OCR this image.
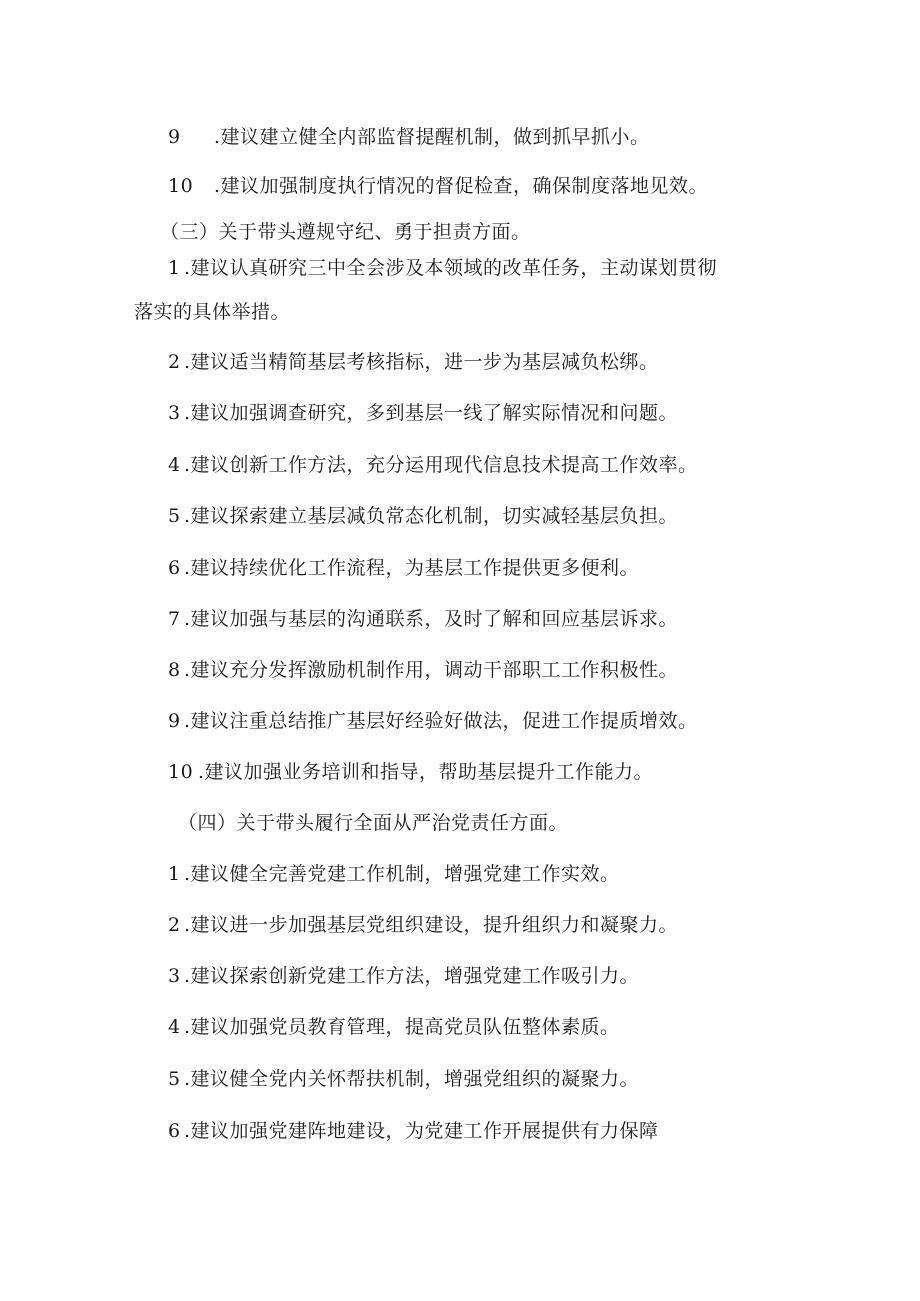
9 .建议建立健全内部监督提醒机制，做到抓早抓小。
10 .建议加强制度执行情况的督促检查，确保制度落地见效。
（三）关于带头遵规守纪、勇于担责方面。
1 .建议认真研究三中全会涉及本领域的改革任务，主动谋划贯彻
落实的具体举措。
2 .建议适当精简基层考核指标，进一步为基层减负松绑。
3 .建议加强调查研究，多到基层一线了解实际情况和问题。
4 .建议创新工作方法，充分运用现代信息技术提高工作效率。
5 .建议探索建立基层减负常态化机制，切实减轻基层负担。
6 .建议持续优化工作流程，为基层工作提供更多便利。
7 .建议加强与基层的沟通联系，及时了解和回应基层诉求。
8 .建议充分发挥激励机制作用，调动干部职工工作积极性。
9 .建议注重总结推广基层好经验好做法，促进工作提质增效。
10 .建议加强业务培训和指导，帮助基层提升工作能力。
（四）关于带头履行全面从严治党责任方面。
1 .建议健全完善党建工作机制，增强党建工作实效。
2 .建议进一步加强基层党组织建设，提升组织力和凝聚力。
3 .建议探索创新党建工作方法，增强党建工作吸引力。
4 .建议加强党员教育管理，提高党员队伍整体素质。
5 .建议健全党内关怀帮扶机制，增强党组织的凝聚力。
6 .建议加强党建阵地建设，为党建工作开展提供有力保障
